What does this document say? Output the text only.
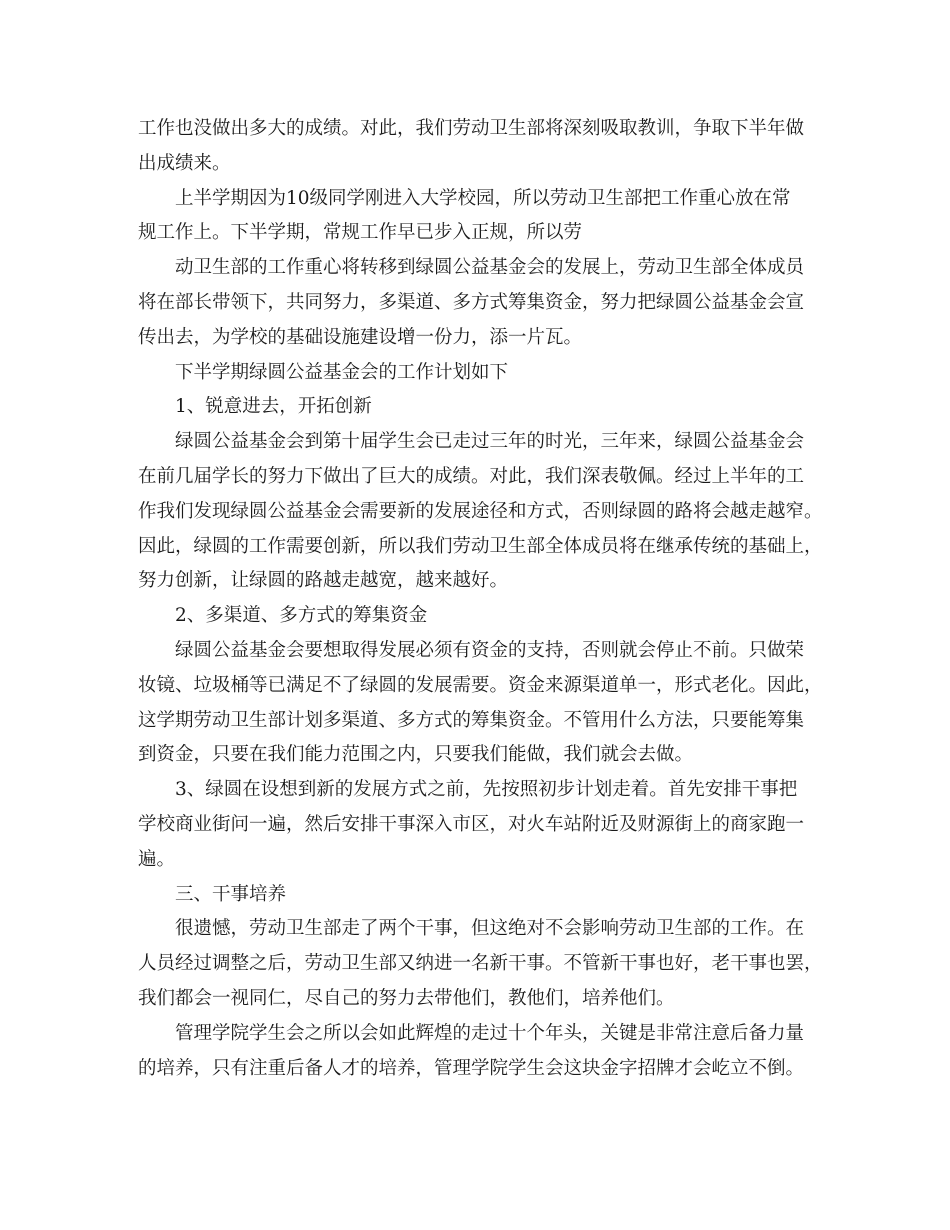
工作也没做出多大的成绩。对此，我们劳动卫生部将深刻吸取教训，争取下半年做
出成绩来。
上半学期因为10级同学刚进入大学校园，所以劳动卫生部把工作重心放在常
规工作上。下半学期，常规工作早已步入正规，所以劳
动卫生部的工作重心将转移到绿圆公益基金会的发展上，劳动卫生部全体成员
将在部长带领下，共同努力，多渠道、多方式筹集资金，努力把绿圆公益基金会宣
传出去，为学校的基础设施建设增一份力，添一片瓦。
下半学期绿圆公益基金会的工作计划如下
1、锐意进去，开拓创新
绿圆公益基金会到第十届学生会已走过三年的时光，三年来，绿圆公益基金会
在前几届学长的努力下做出了巨大的成绩。对此，我们深表敬佩。经过上半年的工
作我们发现绿圆公益基金会需要新的发展途径和方式，否则绿圆的路将会越走越窄。
因此，绿圆的工作需要创新，所以我们劳动卫生部全体成员将在继承传统的基础上，
努力创新，让绿圆的路越走越宽，越来越好。
2、多渠道、多方式的筹集资金
绿圆公益基金会要想取得发展必须有资金的支持，否则就会停止不前。只做荣
妆镜、垃圾桶等已满足不了绿圆的发展需要。资金来源渠道单一，形式老化。因此，
这学期劳动卫生部计划多渠道、多方式的筹集资金。不管用什么方法，只要能筹集
到资金，只要在我们能力范围之内，只要我们能做，我们就会去做。
3、绿圆在设想到新的发展方式之前，先按照初步计划走着。首先安排干事把
学校商业街问一遍，然后安排干事深入市区，对火车站附近及财源街上的商家跑一
遍。
三、干事培养
很遗憾，劳动卫生部走了两个干事，但这绝对不会影响劳动卫生部的工作。在
人员经过调整之后，劳动卫生部又纳进一名新干事。不管新干事也好，老干事也罢，
我们都会一视同仁，尽自己的努力去带他们，教他们，培养他们。
管理学院学生会之所以会如此辉煌的走过十个年头，关键是非常注意后备力量
的培养，只有注重后备人才的培养，管理学院学生会这块金字招牌才会屹立不倒。
